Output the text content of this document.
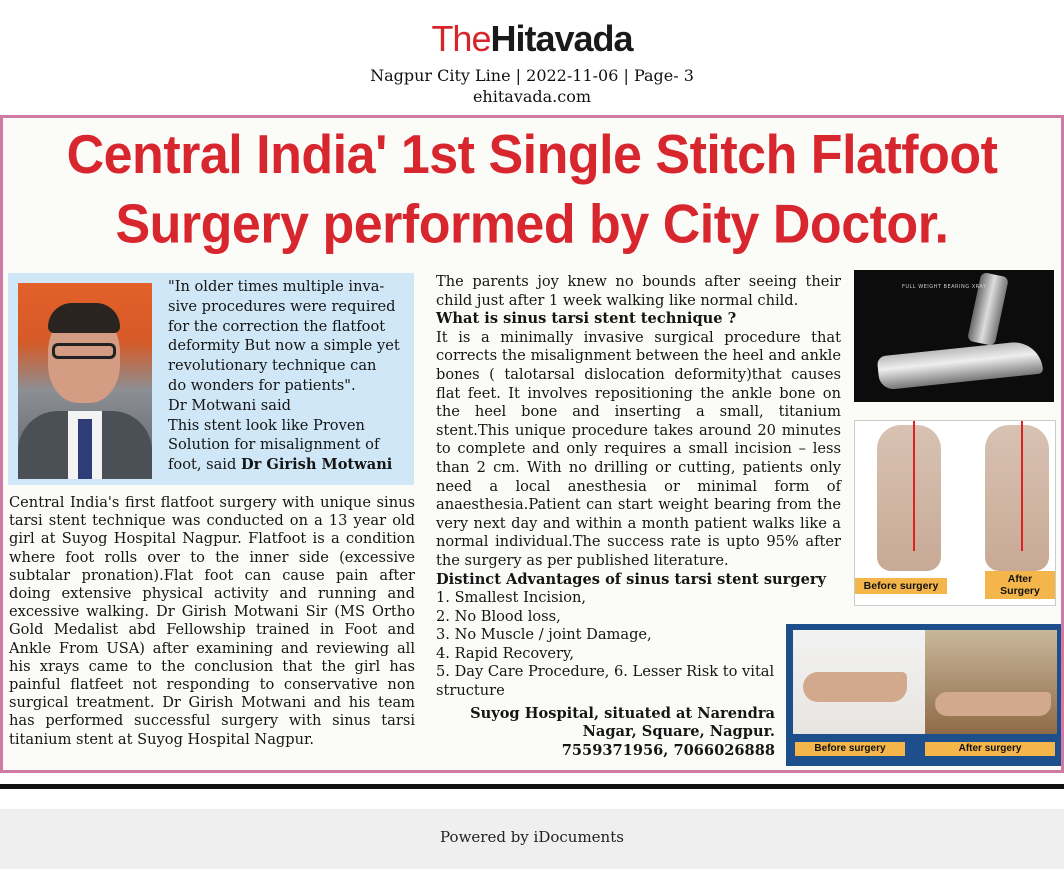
TheHitavada
Nagpur City Line | 2022-11-06 | Page- 3
ehitavada.com
Central India' 1st Single Stitch Flatfoot
Surgery performed by City Doctor.
"In older times multiple inva-
sive procedures were required
for the correction the flatfoot
deformity But now a simple yet
revolutionary technique can
do wonders for patients".
Dr Motwani said
This stent look like Proven
Solution for misalignment of
foot, said Dr Girish Motwani
Central India's first flatfoot surgery with unique sinus tarsi stent technique was conducted on a 13 year old girl at Suyog Hospital Nagpur. Flatfoot is a condition where foot rolls over to the inner side (excessive subtalar pronation).Flat foot can cause pain after doing extensive physical activity and running and excessive walking. Dr Girish Motwani Sir (MS Ortho Gold Medalist abd Fellowship trained in Foot and Ankle From USA) after examining and reviewing all his xrays came to the conclusion that the girl has painful flatfeet not responding to conservative non surgical treatment. Dr Girish Motwani and his team has performed successful surgery with sinus tarsi titanium stent at Suyog Hospital Nagpur.
The parents joy knew no bounds after seeing their child just after 1 week walking like normal child.
What is sinus tarsi stent technique ?
It is a minimally invasive surgical procedure that corrects the misalignment between the heel and ankle bones ( talotarsal dislocation deformity)that causes flat feet. It involves repositioning the ankle bone on the heel bone and inserting a small, titanium stent.This unique procedure takes around 20 minutes to complete and only requires a small incision – less than 2 cm. With no drilling or cutting, patients only need a local anesthesia or minimal form of anaesthesia.Patient can start weight bearing from the very next day and within a month patient walks like a normal individual.The success rate is upto 95% after the surgery as per published literature.
Distinct Advantages of sinus tarsi stent surgery
1. Smallest Incision,
2. No Blood loss,
3. No Muscle / joint Damage,
4. Rapid Recovery,
5. Day Care Procedure, 6. Lesser Risk to vital structure
Suyog Hospital, situated at Narendra
Nagar, Square, Nagpur.
7559371956, 7066026888
FULL WEIGHT BEARING XRAY
Before surgery
After Surgery
Before surgery	After surgery
Powered by iDocuments
